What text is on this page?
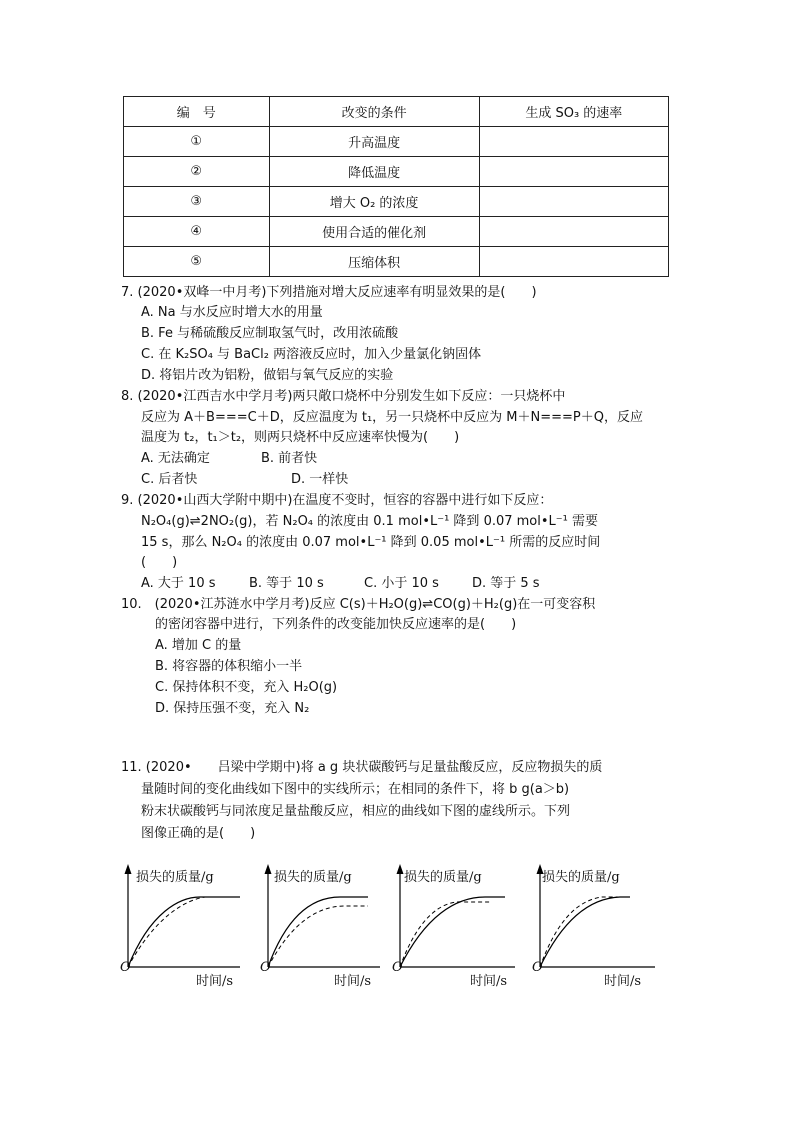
编　号	改变的条件	生成 SO₃ 的速率
①	升高温度	
②	降低温度	
③	增大 O₂ 的浓度	
④	使用合适的催化剂	
⑤	压缩体积	
7. (2020•双峰一中月考)下列措施对增大反应速率有明显效果的是(　　)
A. Na 与水反应时增大水的用量
B. Fe 与稀硫酸反应制取氢气时，改用浓硫酸
C. 在 K₂SO₄ 与 BaCl₂ 两溶液反应时，加入少量氯化钠固体
D. 将铝片改为铝粉，做铝与氧气反应的实验
8. (2020•江西吉水中学月考)两只敞口烧杯中分别发生如下反应：一只烧杯中
反应为 A＋B===C＋D，反应温度为 t₁，另一只烧杯中反应为 M＋N===P＋Q，反应
温度为 t₂，t₁＞t₂，则两只烧杯中反应速率快慢为(　　)
A. 无法确定	B. 前者快
C. 后者快	D. 一样快
9. (2020•山西大学附中期中)在温度不变时，恒容的容器中进行如下反应：
N₂O₄(g)⇌2NO₂(g)，若 N₂O₄ 的浓度由 0.1 mol•L⁻¹ 降到 0.07 mol•L⁻¹ 需要
15 s，那么 N₂O₄ 的浓度由 0.07 mol•L⁻¹ 降到 0.05 mol•L⁻¹ 所需的反应时间
(　　)
A. 大于 10 s	B. 等于 10 s	C. 小于 10 s	D. 等于 5 s
10.　(2020•江苏涟水中学月考)反应 C(s)＋H₂O(g)⇌CO(g)＋H₂(g)在一可变容积
的密闭容器中进行，下列条件的改变能加快反应速率的是(　　)
A. 增加 C 的量
B. 将容器的体积缩小一半
C. 保持体积不变，充入 H₂O(g)
D. 保持压强不变，充入 N₂
11. (2020•　　吕梁中学期中)将 a g 块状碳酸钙与足量盐酸反应，反应物损失的质
量随时间的变化曲线如下图中的实线所示；在相同的条件下，将 b g(a＞b)
粉末状碳酸钙与同浓度足量盐酸反应，相应的曲线如下图的虚线所示。下列
图像正确的是(　　)
损失的质量/g
O
时间/s
损失的质量/g
O
时间/s
损失的质量/g
O
时间/s
损失的质量/g
O
时间/s
